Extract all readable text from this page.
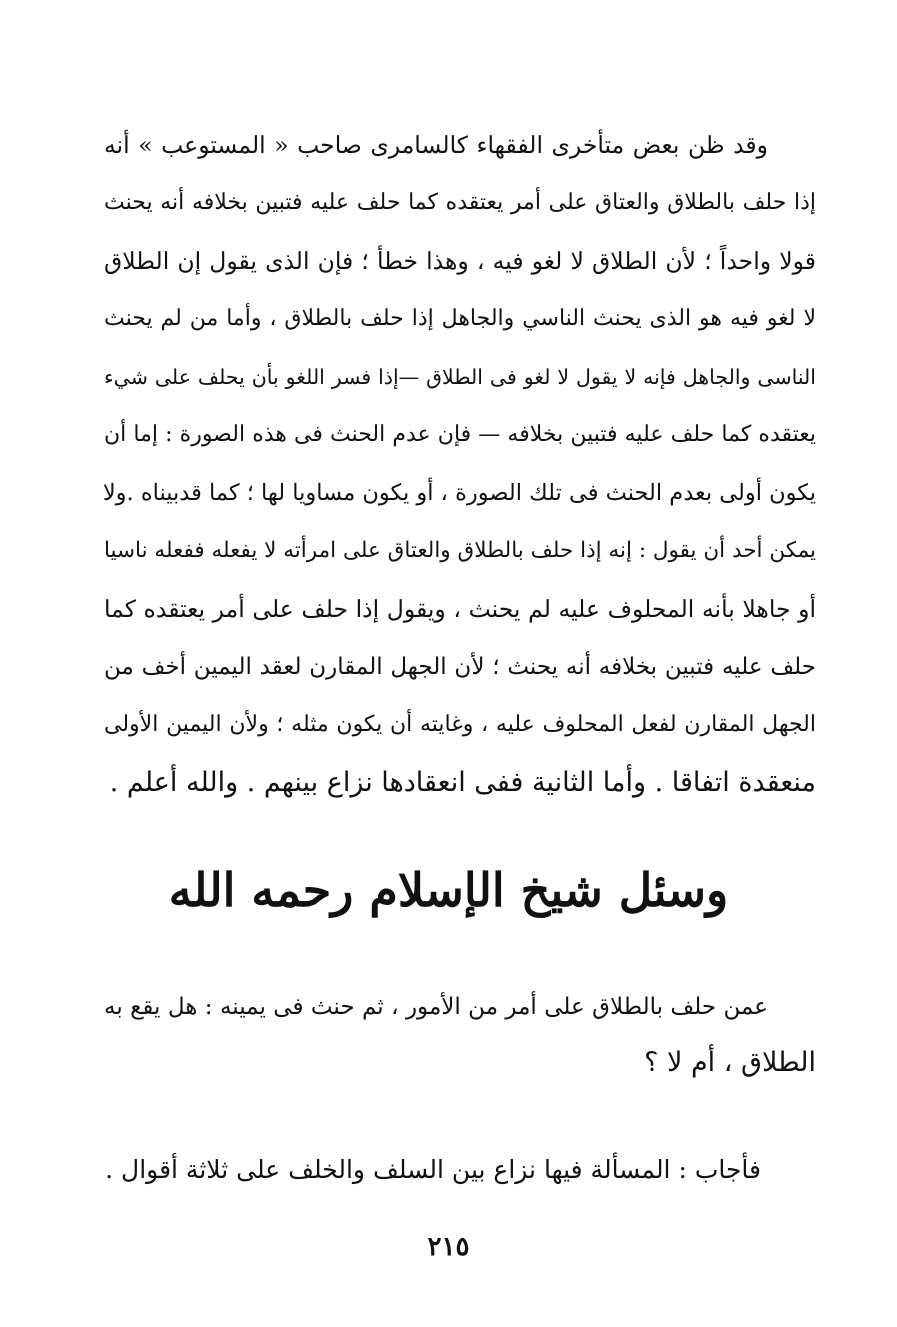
وقد ظن بعض متأخرى الفقهاء كالسامرى صاحب « المستوعب » أنه
إذا حلف بالطلاق والعتاق على أمر يعتقده كما حلف عليه فتبين بخلافه أنه يحنث
قولا واحداً ؛ لأن الطلاق لا لغو فيه ، وهذا خطأ ؛ فإن الذى يقول إن الطلاق
لا لغو فيه هو الذى يحنث الناسي والجاهل إذا حلف بالطلاق ، وأما من لم يحنث
الناسى والجاهل فإنه لا يقول لا لغو فى الطلاق —إذا فسر اللغو بأن يحلف على شيء
يعتقده كما حلف عليه فتبين بخلافه — فإن عدم الحنث فى هذه الصورة : إما أن
يكون أولى بعدم الحنث فى تلك الصورة ، أو يكون مساويا لها ؛ كما قدبيناه .ولا
يمكن أحد أن يقول : إنه إذا حلف بالطلاق والعتاق على امرأته لا يفعله ففعله ناسيا
أو جاهلا بأنه المحلوف عليه لم يحنث ، ويقول إذا حلف على أمر يعتقده كما
حلف عليه فتبين بخلافه أنه يحنث ؛ لأن الجهل المقارن لعقد اليمين أخف من
الجهل المقارن لفعل المحلوف عليه ، وغايته أن يكون مثله ؛ ولأن اليمين الأولى
منعقدة اتفاقا . وأما الثانية ففى انعقادها نزاع بينهم . والله أعلم .
وسئل شيخ الإسلام رحمه الله
عمن حلف بالطلاق على أمر من الأمور ، ثم حنث فى يمينه : هل يقع به
الطلاق ، أم لا ؟
فأجاب : المسألة فيها نزاع بين السلف والخلف على ثلاثة أقوال .
٢١٥
